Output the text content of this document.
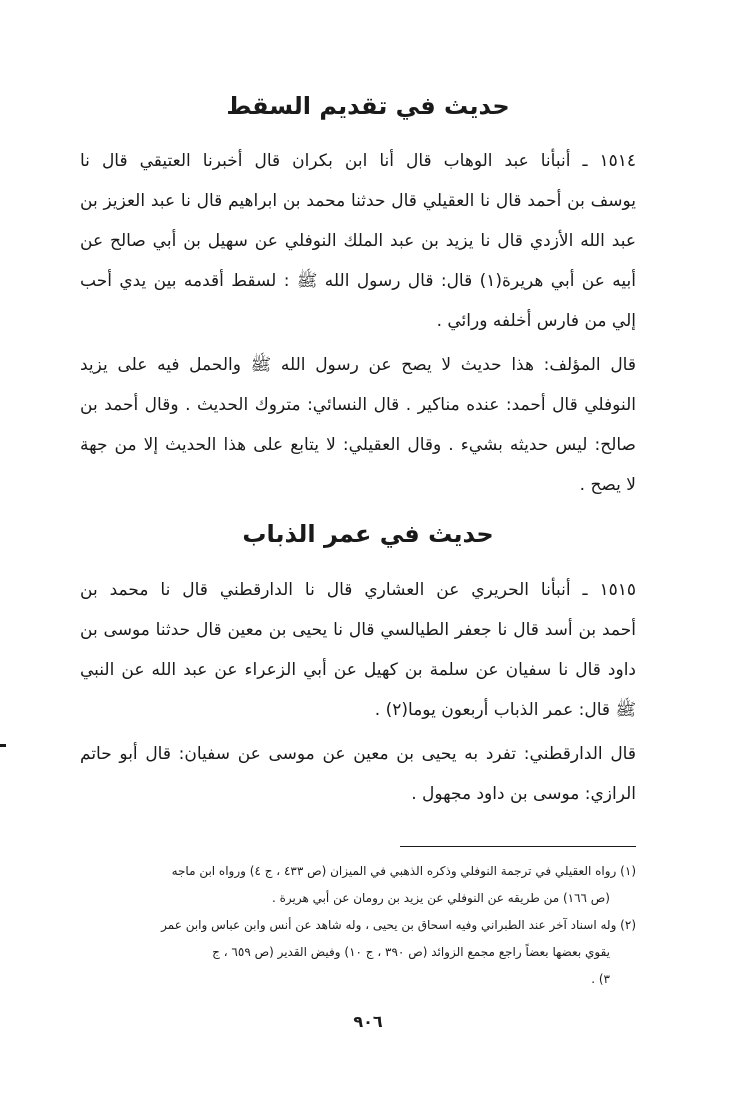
حديث في تقديم السقط
١٥١٤ ـ أنبأنا عبد الوهاب قال أنا ابن بكران قال أخبرنا العتيقي قال نا
يوسف بن أحمد قال نا العقيلي قال حدثنا محمد بن ابراهيم قال نا عبد العزيز بن
عبد الله الأزدي قال نا يزيد بن عبد الملك النوفلي عن سهيل بن أبي صالح عن
أبيه عن أبي هريرة(١) قال: قال رسول الله ﷺ : لسقط أقدمه بين يدي أحب
إلي من فارس أخلفه ورائي .
قال المؤلف: هذا حديث لا يصح عن رسول الله ﷺ والحمل فيه على يزيد
النوفلي قال أحمد: عنده مناكير . قال النسائي: متروك الحديث . وقال أحمد بن
صالح: ليس حديثه بشيء . وقال العقيلي: لا يتابع على هذا الحديث إلا من جهة
لا يصح .
حديث في عمر الذباب
١٥١٥ ـ أنبأنا الحريري عن العشاري قال نا الدارقطني قال نا محمد بن
أحمد بن أسد قال نا جعفر الطيالسي قال نا يحيى بن معين قال حدثنا موسى بن
داود قال نا سفيان عن سلمة بن كهيل عن أبي الزعراء عن عبد الله عن النبي
ﷺ قال: عمر الذباب أربعون يوما(٢) .
قال الدارقطني: تفرد به يحيى بن معين عن موسى عن سفيان: قال أبو حاتم
الرازي: موسى بن داود مجهول .
(١) رواه العقيلي في ترجمة النوفلي وذكره الذهبي في الميزان (ص ٤٣٣ ، ج ٤) ورواه ابن ماجه
(ص ١٦٦) من طريقه عن النوفلي عن يزيد بن رومان عن أبي هريرة .
(٢) وله اسناد آخر عند الطبراني وفيه اسحاق بن يحيى ، وله شاهد عن أنس وابن عباس وابن عمر
يقوي بعضها بعضاً راجع مجمع الزوائد (ص ٣٩٠ ، ج ١٠) وفيض القدير (ص ٦٥٩ ، ج
٣) .
٩٠٦
